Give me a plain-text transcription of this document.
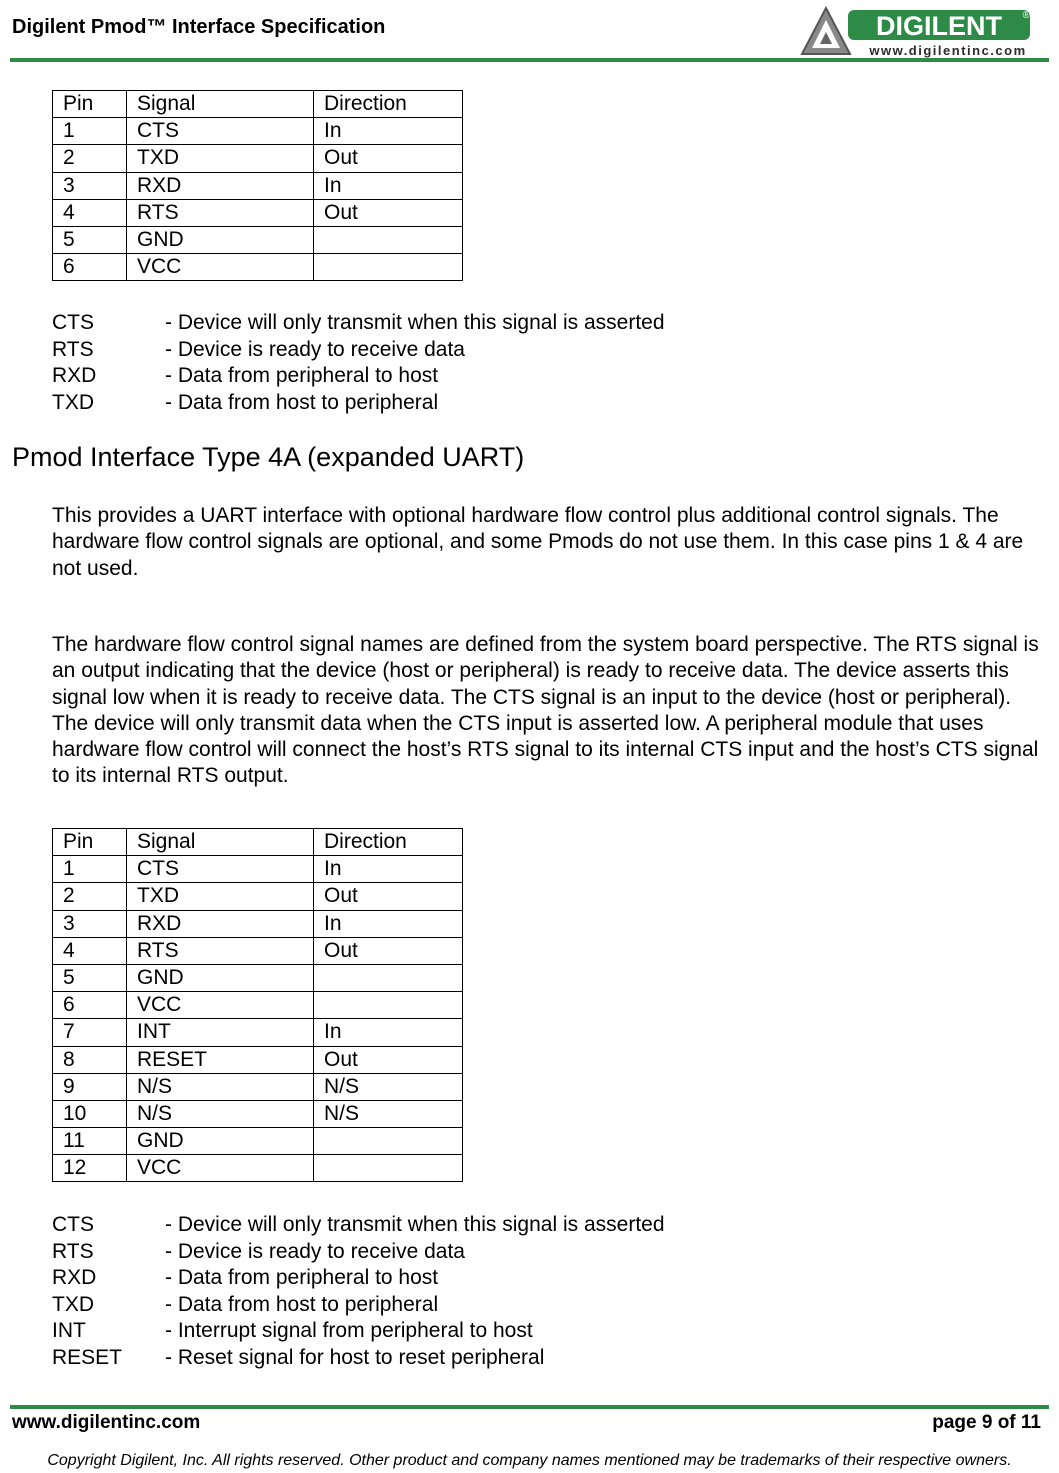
Digilent Pmod™ Interface Specification	DIGILENT ®
www.digilentinc.com
Pin	Signal	Direction
1	CTS	In
2	TXD	Out
3	RXD	In
4	RTS	Out
5	GND	
6	VCC	
CTS	- Device will only transmit when this signal is asserted
RTS	- Device is ready to receive data
RXD	- Data from peripheral to host
TXD	- Data from host to peripheral
Pmod Interface Type 4A (expanded UART)
This provides a UART interface with optional hardware flow control plus additional control signals. The hardware flow control signals are optional, and some Pmods do not use them. In this case pins 1 & 4 are not used.
The hardware flow control signal names are defined from the system board perspective. The RTS signal is an output indicating that the device (host or peripheral) is ready to receive data. The device asserts this signal low when it is ready to receive data. The CTS signal is an input to the device (host or peripheral). The device will only transmit data when the CTS input is asserted low. A peripheral module that uses hardware flow control will connect the host’s RTS signal to its internal CTS input and the host’s CTS signal to its internal RTS output.
Pin	Signal	Direction
1	CTS	In
2	TXD	Out
3	RXD	In
4	RTS	Out
5	GND	
6	VCC	
7	INT	In
8	RESET	Out
9	N/S	N/S
10	N/S	N/S
11	GND	
12	VCC	
CTS	- Device will only transmit when this signal is asserted
RTS	- Device is ready to receive data
RXD	- Data from peripheral to host
TXD	- Data from host to peripheral
INT	- Interrupt signal from peripheral to host
RESET	- Reset signal for host to reset peripheral
www.digilentinc.com	page 9 of 11
Copyright Digilent, Inc. All rights reserved. Other product and company names mentioned may be trademarks of their respective owners.
